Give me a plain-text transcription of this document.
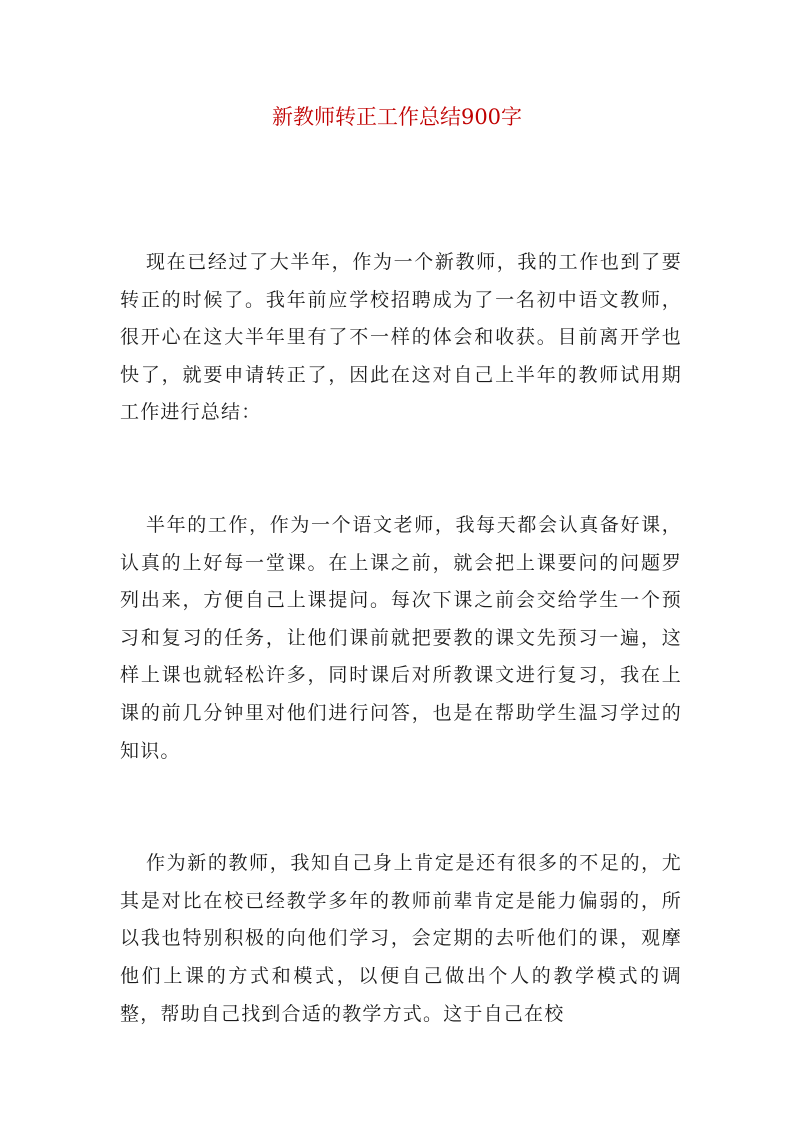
新教师转正工作总结900字

现在已经过了大半年，作为一个新教师，我的工作也到了要转正的时候了。我年前应学校招聘成为了一名初中语文教师，很开心在这大半年里有了不一样的体会和收获。目前离开学也快了，就要申请转正了，因此在这对自己上半年的教师试用期工作进行总结：

半年的工作，作为一个语文老师，我每天都会认真备好课，认真的上好每一堂课。在上课之前，就会把上课要问的问题罗列出来，方便自己上课提问。每次下课之前会交给学生一个预习和复习的任务，让他们课前就把要教的课文先预习一遍，这样上课也就轻松许多，同时课后对所教课文进行复习，我在上课的前几分钟里对他们进行问答，也是在帮助学生温习学过的知识。

作为新的教师，我知自己身上肯定是还有很多的不足的，尤其是对比在校已经教学多年的教师前辈肯定是能力偏弱的，所以我也特别积极的向他们学习，会定期的去听他们的课，观摩他们上课的方式和模式，以便自己做出个人的教学模式的调整，帮助自己找到合适的教学方式。这于自己在校
